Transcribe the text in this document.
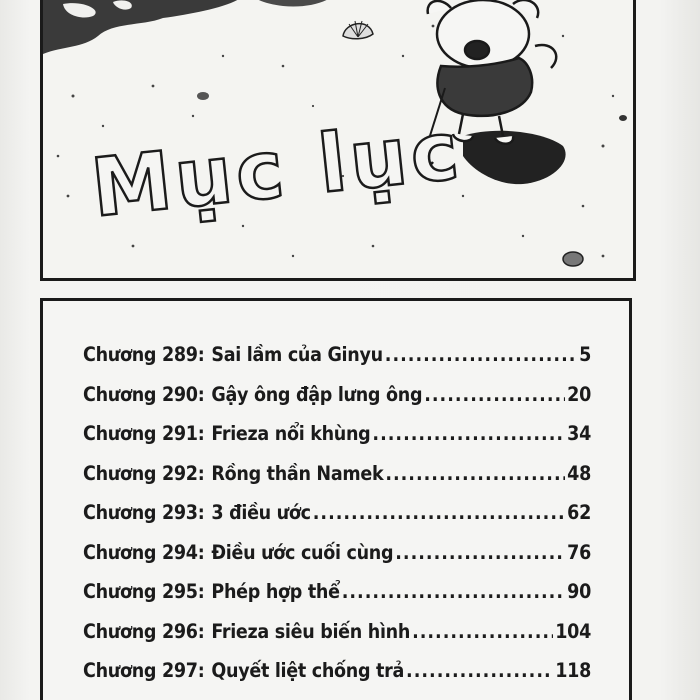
Mục lục
Chương 289 : Sai lầm của Ginyu .....	5
Chương 290 : Gậy ông đập lưng ông .....	20
Chương 291 : Frieza nổi khùng .....	34
Chương 292 : Rồng thần Namek .....	48
Chương 293 : 3 điều ước .....	62
Chương 294 : Điều ước cuối cùng .....	76
Chương 295 : Phép hợp thể .....	90
Chương 296 : Frieza siêu biến hình .....	104
Chương 297 : Quyết liệt chống trả .....	118
